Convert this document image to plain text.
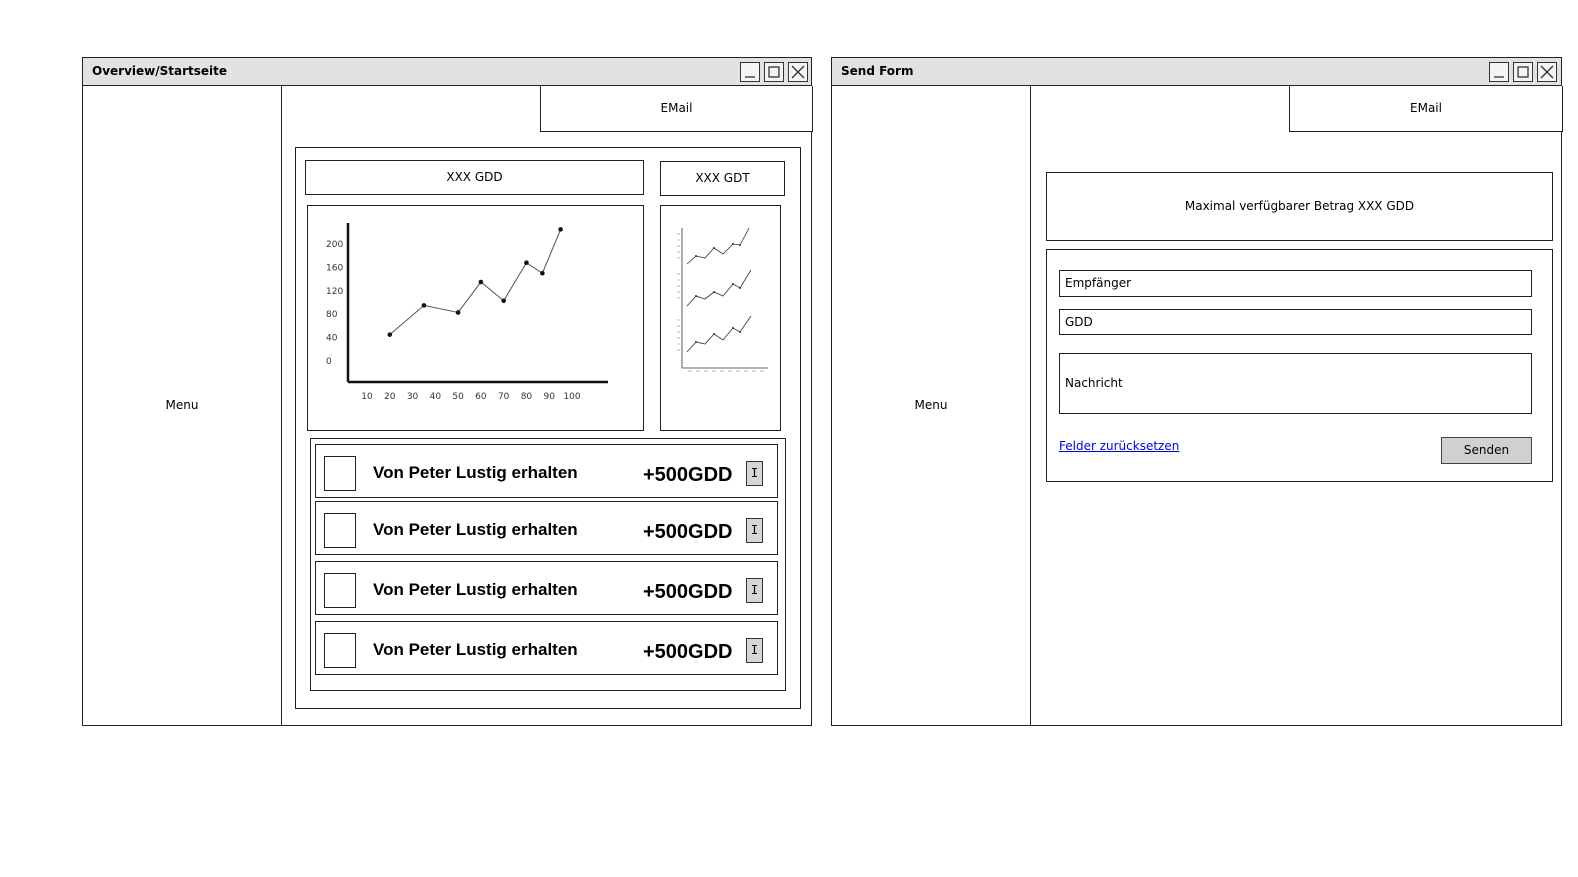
Overview/Startseite
Menu
EMail
XXX GDD	XXX GDT
0
40
80
120
160
200
10 20 30 40 50 60 70 80 90 100
Von Peter Lustig erhalten	+500GDD	I
Von Peter Lustig erhalten	+500GDD	I
Von Peter Lustig erhalten	+500GDD	I
Von Peter Lustig erhalten	+500GDD	I
Send Form
Menu
EMail
Maximal verfügbarer Betrag XXX GDD
Empfänger
GDD
Nachricht
Felder zurücksetzen	Senden
